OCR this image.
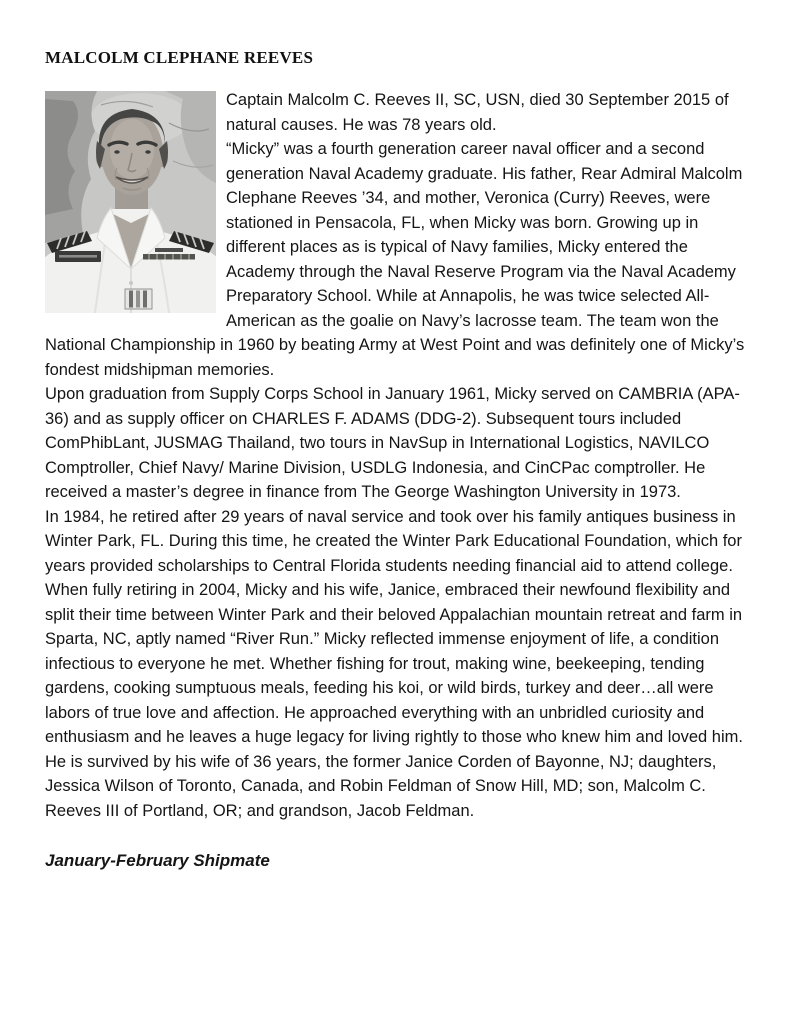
MALCOLM CLEPHANE REEVES

Captain Malcolm C. Reeves II, SC, USN, died 30 September 2015 of natural causes. He was 78 years old.

“Micky” was a fourth generation career naval officer and a second generation Naval Academy graduate. His father, Rear Admiral Malcolm Clephane Reeves ’34, and mother, Veronica (Curry) Reeves, were stationed in Pensacola, FL, when Micky was born. Growing up in different places as is typical of Navy families, Micky entered the Academy through the Naval Reserve Program via the Naval Academy Preparatory School. While at Annapolis, he was twice selected All-American as the goalie on Navy’s lacrosse team. The team won the National Championship in 1960 by beating Army at West Point and was definitely one of Micky’s fondest midshipman memories.

Upon graduation from Supply Corps School in January 1961, Micky served on CAMBRIA (APA-36) and as supply officer on CHARLES F. ADAMS (DDG-2). Subsequent tours included ComPhibLant, JUSMAG Thailand, two tours in NavSup in International Logistics, NAVILCO Comptroller, Chief Navy/ Marine Division, USDLG Indonesia, and CinCPac comptroller. He received a master’s degree in finance from The George Washington University in 1973.

In 1984, he retired after 29 years of naval service and took over his family antiques business in Winter Park, FL. During this time, he created the Winter Park Educational Foundation, which for years provided scholarships to Central Florida students needing financial aid to attend college.

When fully retiring in 2004, Micky and his wife, Janice, embraced their newfound flexibility and split their time between Winter Park and their beloved Appalachian mountain retreat and farm in Sparta, NC, aptly named “River Run.” Micky reflected immense enjoyment of life, a condition infectious to everyone he met. Whether fishing for trout, making wine, beekeeping, tending gardens, cooking sumptuous meals, feeding his koi, or wild birds, turkey and deer…all were labors of true love and affection. He approached everything with an unbridled curiosity and enthusiasm and he leaves a huge legacy for living rightly to those who knew him and loved him.

He is survived by his wife of 36 years, the former Janice Corden of Bayonne, NJ; daughters, Jessica Wilson of Toronto, Canada, and Robin Feldman of Snow Hill, MD; son, Malcolm C. Reeves III of Portland, OR; and grandson, Jacob Feldman.

January-February Shipmate
